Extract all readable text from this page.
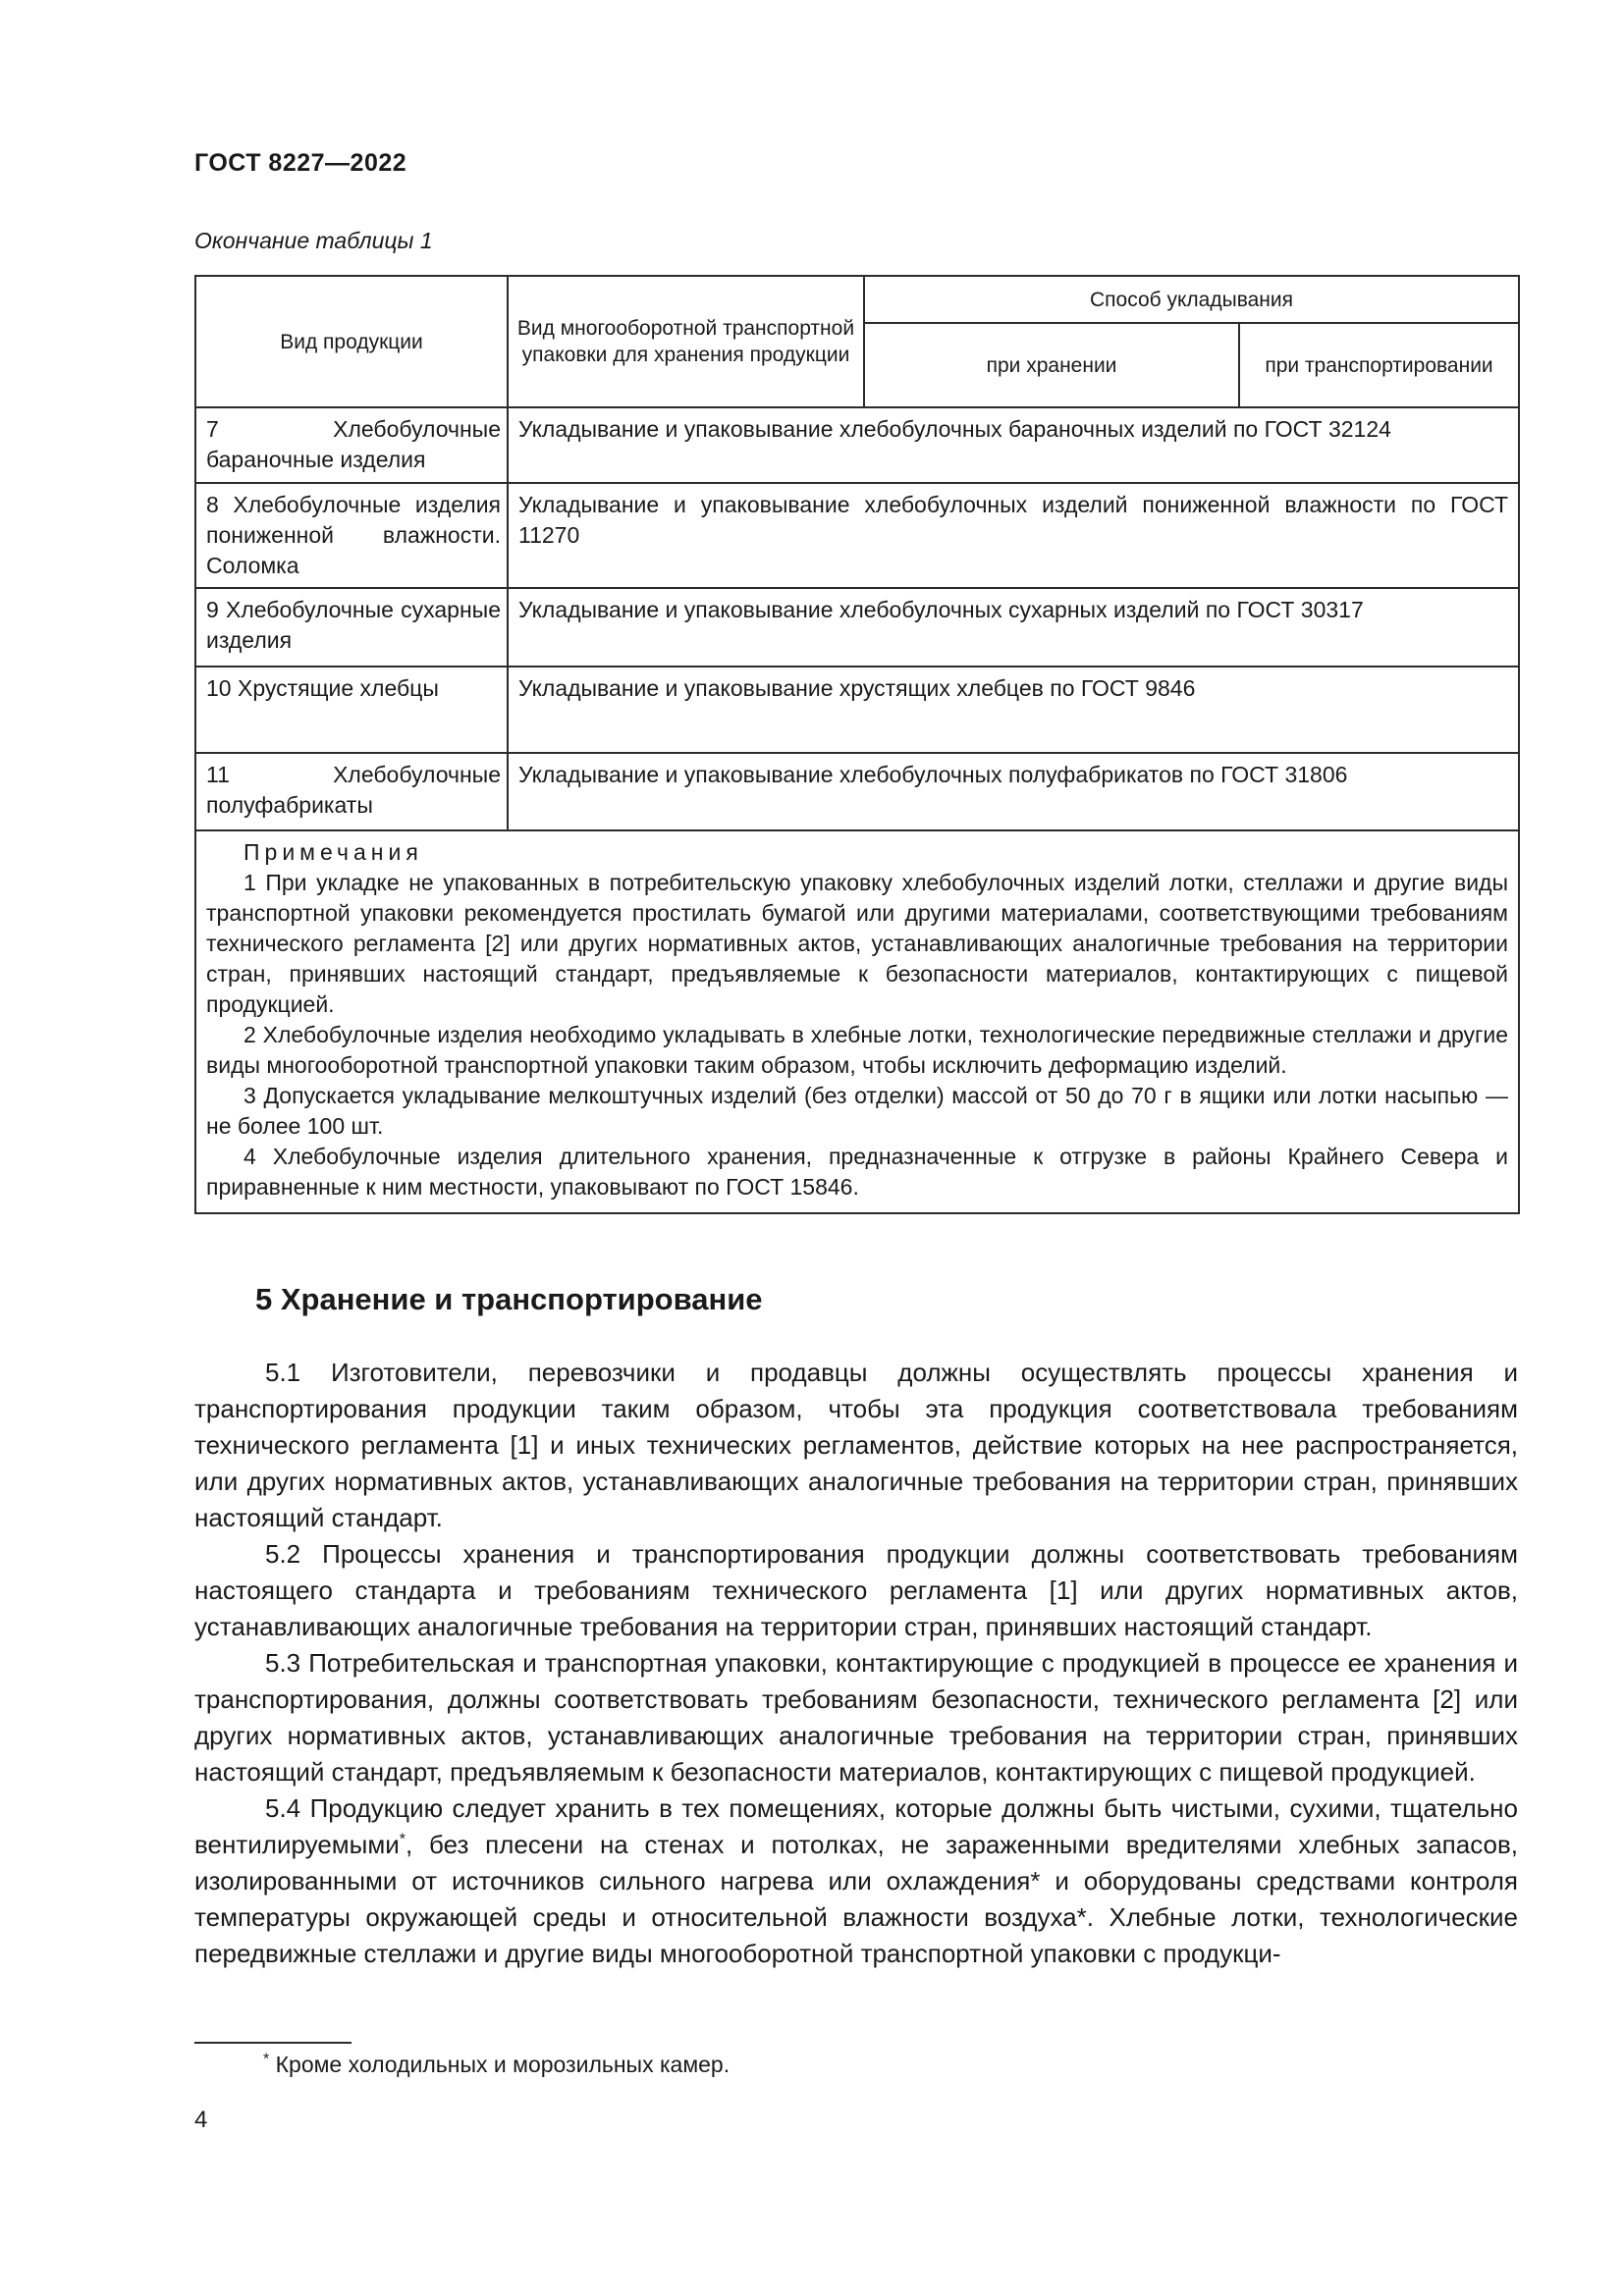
ГОСТ 8227—2022
Окончание таблицы 1
Вид продукции	Вид многооборотной транспортной упаковки для хранения продукции	Способ укладывания	
		при хранении	при транспортировании
7 Хлебобулочные бараночные изделия	Укладывание и упаковывание хлебобулочных бараночных изделий по ГОСТ 32124		
8 Хлебобулочные изделия пониженной влажности. Соломка	Укладывание и упаковывание хлебобулочных изделий пониженной влажности по ГОСТ 11270		
9 Хлебобулочные сухарные изделия	Укладывание и упаковывание хлебобулочных сухарных изделий по ГОСТ 30317		
10 Хрустящие хлебцы	Укладывание и упаковывание хрустящих хлебцев по ГОСТ 9846		
11 Хлебобулочные полуфабрикаты	Укладывание и упаковывание хлебобулочных полуфабрикатов по ГОСТ 31806		

Примечания
1 При укладке не упакованных в потребительскую упаковку хлебобулочных изделий лотки, стеллажи и другие виды транспортной упаковки рекомендуется простилать бумагой или другими материалами, соответствующими требованиям технического регламента [2] или других нормативных актов, устанавливающих аналогичные требования на территории стран, принявших настоящий стандарт, предъявляемые к безопасности материалов, контактирующих с пищевой продукцией.
2 Хлебобулочные изделия необходимо укладывать в хлебные лотки, технологические передвижные стеллажи и другие виды многооборотной транспортной упаковки таким образом, чтобы исключить деформацию изделий.
3 Допускается укладывание мелкоштучных изделий (без отделки) массой от 50 до 70 г в ящики или лотки насыпью — не более 100 шт.
4 Хлебобулочные изделия длительного хранения, предназначенные к отгрузке в районы Крайнего Севера и приравненные к ним местности, упаковывают по ГОСТ 15846.			
5 Хранение и транспортирование

5.1 Изготовители, перевозчики и продавцы должны осуществлять процессы хранения и транспортирования продукции таким образом, чтобы эта продукция соответствовала требованиям технического регламента [1] и иных технических регламентов, действие которых на нее распространяется, или других нормативных актов, устанавливающих аналогичные требования на территории стран, принявших настоящий стандарт.

5.2 Процессы хранения и транспортирования продукции должны соответствовать требованиям настоящего стандарта и требованиям технического регламента [1] или других нормативных актов, устанавливающих аналогичные требования на территории стран, принявших настоящий стандарт.

5.3 Потребительская и транспортная упаковки, контактирующие с продукцией в процессе ее хранения и транспортирования, должны соответствовать требованиям безопасности, технического регламента [2] или других нормативных актов, устанавливающих аналогичные требования на территории стран, принявших настоящий стандарт, предъявляемым к безопасности материалов, контактирующих с пищевой продукцией.

5.4 Продукцию следует хранить в тех помещениях, которые должны быть чистыми, сухими, тщательно вентилируемыми*, без плесени на стенах и потолках, не зараженными вредителями хлебных запасов, изолированными от источников сильного нагрева или охлаждения* и оборудованы средствами контроля температуры окружающей среды и относительной влажности воздуха*. Хлебные лотки, технологические передвижные стеллажи и другие виды многооборотной транспортной упаковки с продукци-

* Кроме холодильных и морозильных камер.
4
